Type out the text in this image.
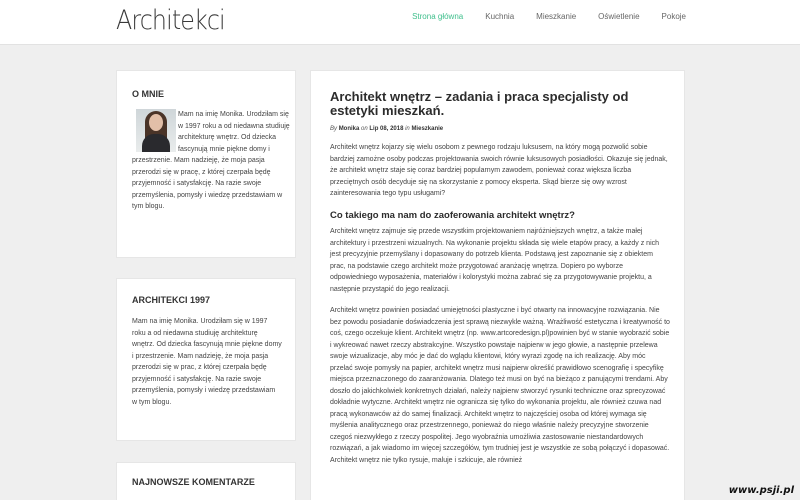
Architekci	Strona główna	Kuchnia	Mieszkanie	Oświetlenie	Pokoje
O MNIE
Mam na imię Monika. Urodziłam się w 1997 roku a od niedawna studiuję architekturę wnętrz. Od dziecka fascynują mnie piękne domy i przestrzenie. Mam nadzieję, że moja pasja przerodzi się w pracę, z której czerpała będę przyjemność i satysfakcję. Na razie swoje przemyślenia, pomysły i wiedzę przedstawiam w tym blogu.
ARCHITEKCI 1997
Mam na imię Monika. Urodziłam się w 1997 roku a od niedawna studiuję architekturę wnętrz. Od dziecka fascynują mnie piękne domy i przestrzenie. Mam nadzieję, że moja pasja przerodzi się w prac, z której czerpała będę przyjemność i satysfakcję. Na razie swoje przemyślenia, pomysły i wiedzę przedstawiam w tym blogu.
NAJNOWSZE KOMENTARZE
Architekt wnętrz – zadania i praca specjalisty od estetyki mieszkań.
By Monika on Lip 08, 2018 in Mieszkanie

Architekt wnętrz kojarzy się wielu osobom z pewnego rodzaju luksusem, na który mogą pozwolić sobie bardziej zamożne osoby podczas projektowania swoich równie luksusowych posiadłości. Okazuje się jednak, że architekt wnętrz staje się coraz bardziej popularnym zawodem, ponieważ coraz większa liczba przeciętnych osób decyduje się na skorzystanie z pomocy eksperta. Skąd bierze się owy wzrost zainteresowania tego typu usługami?

Co takiego ma nam do zaoferowania architekt wnętrz?

Architekt wnętrz zajmuje się przede wszystkim projektowaniem najróżniejszych wnętrz, a także małej architektury i przestrzeni wizualnych. Na wykonanie projektu składa się wiele etapów pracy, a każdy z nich jest precyzyjnie przemyślany i dopasowany do potrzeb klienta. Podstawą jest zapoznanie się z obiektem prac, na podstawie czego architekt może przygotować aranżację wnętrza. Dopiero po wyborze odpowiedniego wyposażenia, materiałów i kolorystyki można zabrać się za przygotowywanie projektu, a następnie przystąpić do jego realizacji.

Architekt wnętrz powinien posiadać umiejętności plastyczne i być otwarty na innowacyjne rozwiązania. Nie bez powodu posiadanie doświadczenia jest sprawą niezwykle ważną. Wrażliwość estetyczna i kreatywność to coś, czego oczekuje klient. Architekt wnętrz (np. www.artcoredesign.pl)powinien być w stanie wyobrazić sobie i wykreować nawet rzeczy abstrakcyjne. Wszystko powstaje najpierw w jego głowie, a następnie przelewa swoje wizualizacje, aby móc je dać do wglądu klientowi, który wyrazi zgodę na ich realizację. Aby móc przelać swoje pomysły na papier, architekt wnętrz musi najpierw określić prawidłowo scenografię i specyfikę miejsca przeznaczonego do zaaranżowania. Dlatego też musi on być na bieżąco z panującymi trendami. Aby doszło do jakichkolwiek konkretnych działań, należy najpierw stworzyć rysunki techniczne oraz sprecyzować dokładnie wytyczne. Architekt wnętrz nie ogranicza się tylko do wykonania projektu, ale również czuwa nad pracą wykonawców aż do samej finalizacji. Architekt wnętrz to najczęściej osoba od której wymaga się myślenia analitycznego oraz przestrzennego, ponieważ do niego właśnie należy precyzyjne stworzenie czegoś niezwykłego z rzeczy pospolitej. Jego wyobraźnia umożliwia zastosowanie niestandardowych rozwiązań, a jak wiadomo im więcej szczegółów, tym trudniej jest je wszystkie ze sobą połączyć i dopasować. Architekt wnętrz nie tylko rysuje, maluje i szkicuje, ale również

www.psji.pl
